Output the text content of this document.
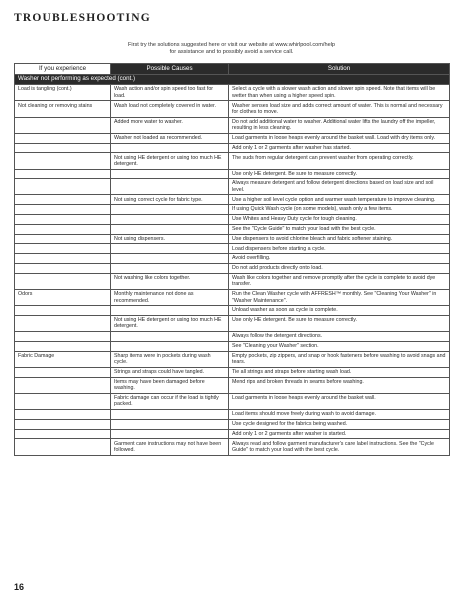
TROUBLESHOOTING
First try the solutions suggested here or visit our website at www.whirlpool.com/help
for assistance and to possibly avoid a service call.
If you experience	Possible Causes	Solution
Washer not performing as expected (cont.)		
Load is tangling (cont.)	Wash action and/or spin speed too fast for load.	Select a cycle with a slower wash action and slower spin speed. Note that items will be wetter than when using a higher speed spin.
Not cleaning or removing stains	Wash load not completely covered in water.	Washer senses load size and adds correct amount of water. This is normal and necessary for clothes to move.
	Added more water to washer.	Do not add additional water to washer. Additional water lifts the laundry off the impeller, resulting in less cleaning.
	Washer not loaded as recommended.	Load garments in loose heaps evenly around the basket wall. Load with dry items only.
		Add only 1 or 2 garments after washer has started.
	Not using HE detergent or using too much HE detergent.	The suds from regular detergent can prevent washer from operating correctly.
		Use only HE detergent. Be sure to measure correctly.
		Always measure detergent and follow detergent directions based on load size and soil level.
	Not using correct cycle for fabric type.	Use a higher soil level cycle option and warmer wash temperature to improve cleaning.
		If using Quick Wash cycle (on some models), wash only a few items.
		Use Whites and Heavy Duty cycle for tough cleaning.
		See the "Cycle Guide" to match your load with the best cycle.
	Not using dispensers.	Use dispensers to avoid chlorine bleach and fabric softener staining.
		Load dispensers before starting a cycle.
		Avoid overfilling.
		Do not add products directly onto load.
	Not washing like colors together.	Wash like colors together and remove promptly after the cycle is complete to avoid dye transfer.
Odors	Monthly maintenance not done as recommended.	Run the Clean Washer cycle with AFFRESH™ monthly. See "Cleaning Your Washer" in "Washer Maintenance".
		Unload washer as soon as cycle is complete.
	Not using HE detergent or using too much HE detergent.	Use only HE detergent. Be sure to measure correctly.
		Always follow the detergent directions.
		See "Cleaning your Washer" section.
Fabric Damage	Sharp items were in pockets during wash cycle.	Empty pockets, zip zippers, and snap or hook fasteners before washing to avoid snags and tears.
	Strings and straps could have tangled.	Tie all strings and straps before starting wash load.
	Items may have been damaged before washing.	Mend rips and broken threads in seams before washing.
	Fabric damage can occur if the load is tightly packed.	Load garments in loose heaps evenly around the basket wall.
		Load items should move freely during wash to avoid damage.
		Use cycle designed for the fabrics being washed.
		Add only 1 or 2 garments after washer is started.
	Garment care instructions may not have been followed.	Always read and follow garment manufacturer's care label instructions. See the "Cycle Guide" to match your load with the best cycle.
16
